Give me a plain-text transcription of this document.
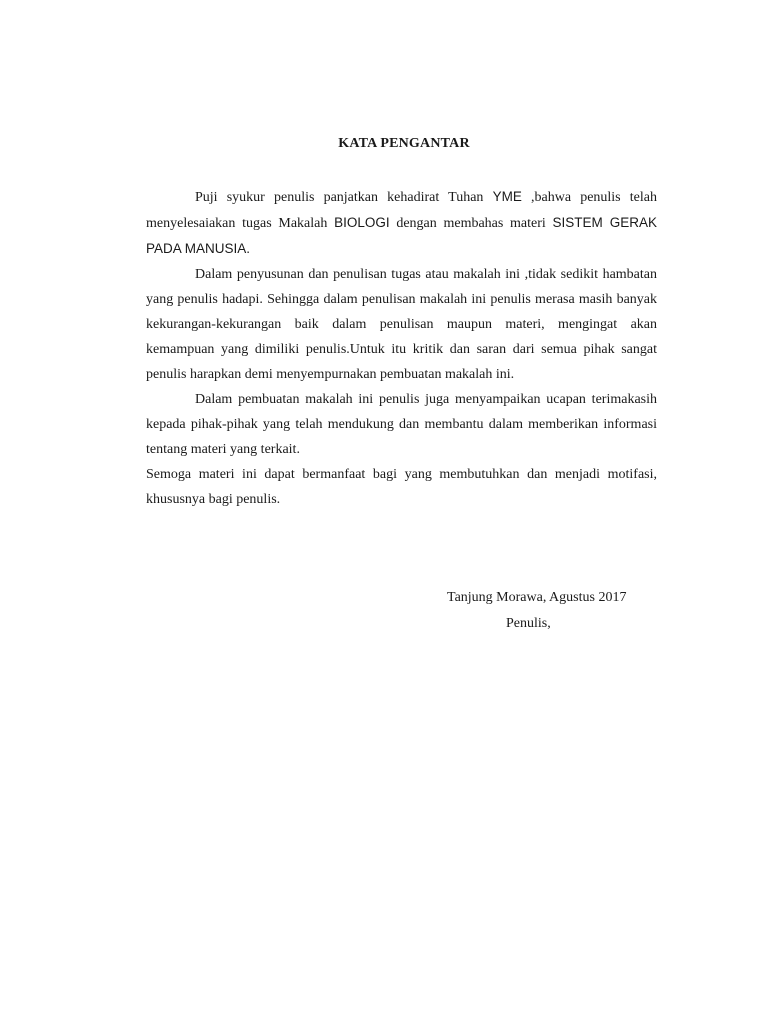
KATA PENGANTAR

Puji syukur penulis panjatkan kehadirat Tuhan YME ,bahwa penulis telah menyelesaiakan tugas Makalah BIOLOGI dengan membahas materi SISTEM GERAK PADA MANUSIA.

Dalam penyusunan dan penulisan tugas atau makalah ini ,tidak sedikit hambatan yang penulis hadapi. Sehingga dalam penulisan makalah ini penulis merasa masih banyak kekurangan-kekurangan baik dalam penulisan maupun materi, mengingat akan kemampuan yang dimiliki penulis.Untuk itu kritik dan saran dari semua pihak sangat penulis harapkan demi menyempurnakan pembuatan makalah ini.

Dalam pembuatan makalah ini penulis juga menyampaikan ucapan terimakasih kepada pihak-pihak yang telah mendukung dan membantu dalam memberikan informasi tentang materi yang terkait.

Semoga materi ini dapat bermanfaat bagi yang membutuhkan dan menjadi motifasi, khususnya bagi penulis.

Tanjung Morawa, Agustus 2017

Penulis,
